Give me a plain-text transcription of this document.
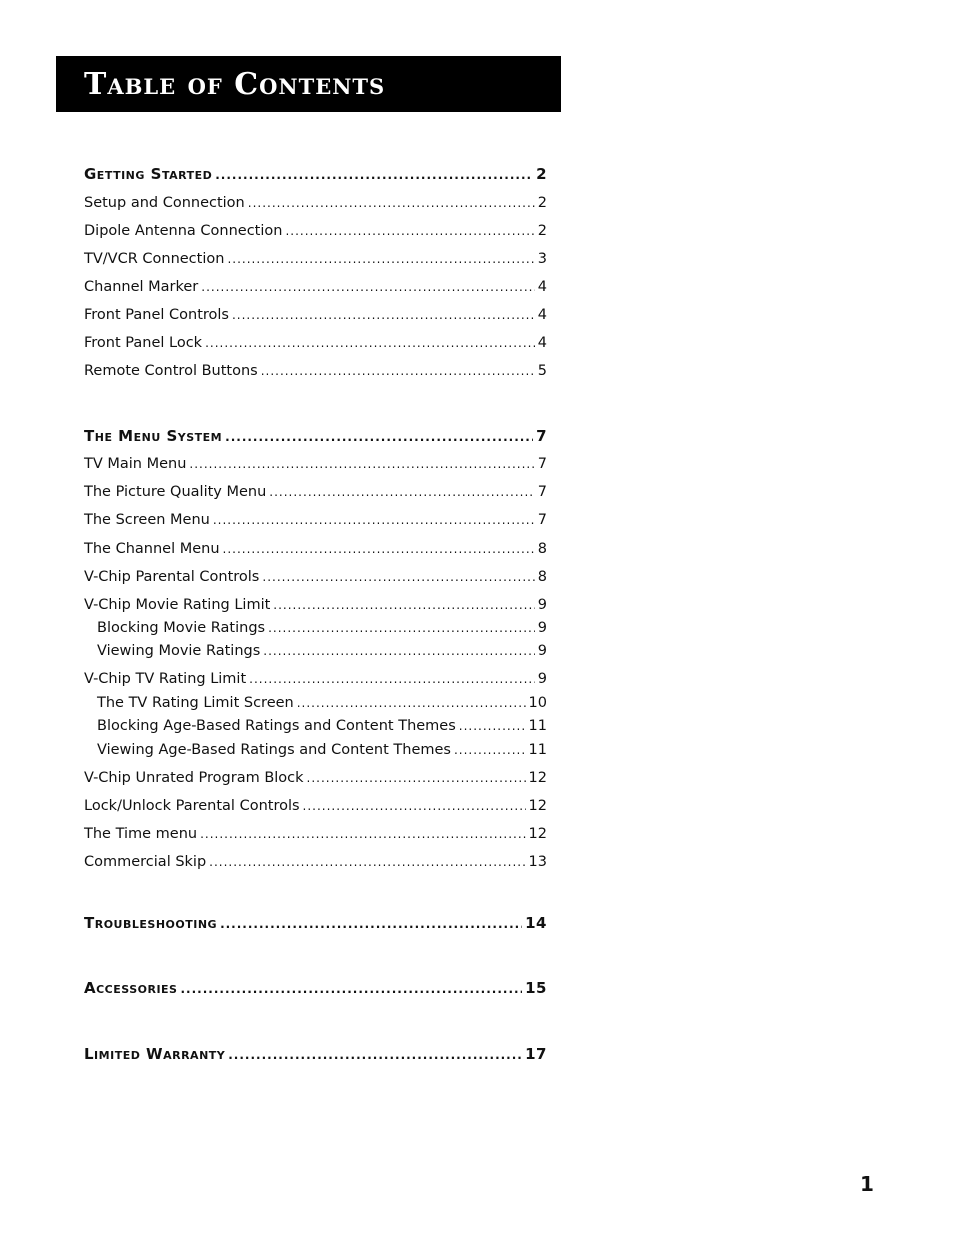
Table of Contents
Getting Started .....	2
Setup and Connection .....	2
Dipole Antenna Connection .....	2
TV/VCR Connection .....	3
Channel Marker .....	4
Front Panel Controls .....	4
Front Panel Lock .....	4
Remote Control Buttons .....	5
The Menu System .....	7
TV Main Menu .....	7
The Picture Quality Menu .....	7
The Screen Menu .....	7
The Channel Menu .....	8
V-Chip Parental Controls .....	8
V-Chip Movie Rating Limit .....	9
Blocking Movie Ratings .....	9
Viewing Movie Ratings .....	9
V-Chip TV Rating Limit .....	9
The TV Rating Limit Screen .....	10
Blocking Age-Based Ratings and Content Themes .....	11
Viewing Age-Based Ratings and Content Themes .....	11
V-Chip Unrated Program Block .....	12
Lock/Unlock Parental Controls .....	12
The Time menu .....	12
Commercial Skip .....	13
Troubleshooting .....	14
Accessories .....	15
Limited Warranty .....	17
1
